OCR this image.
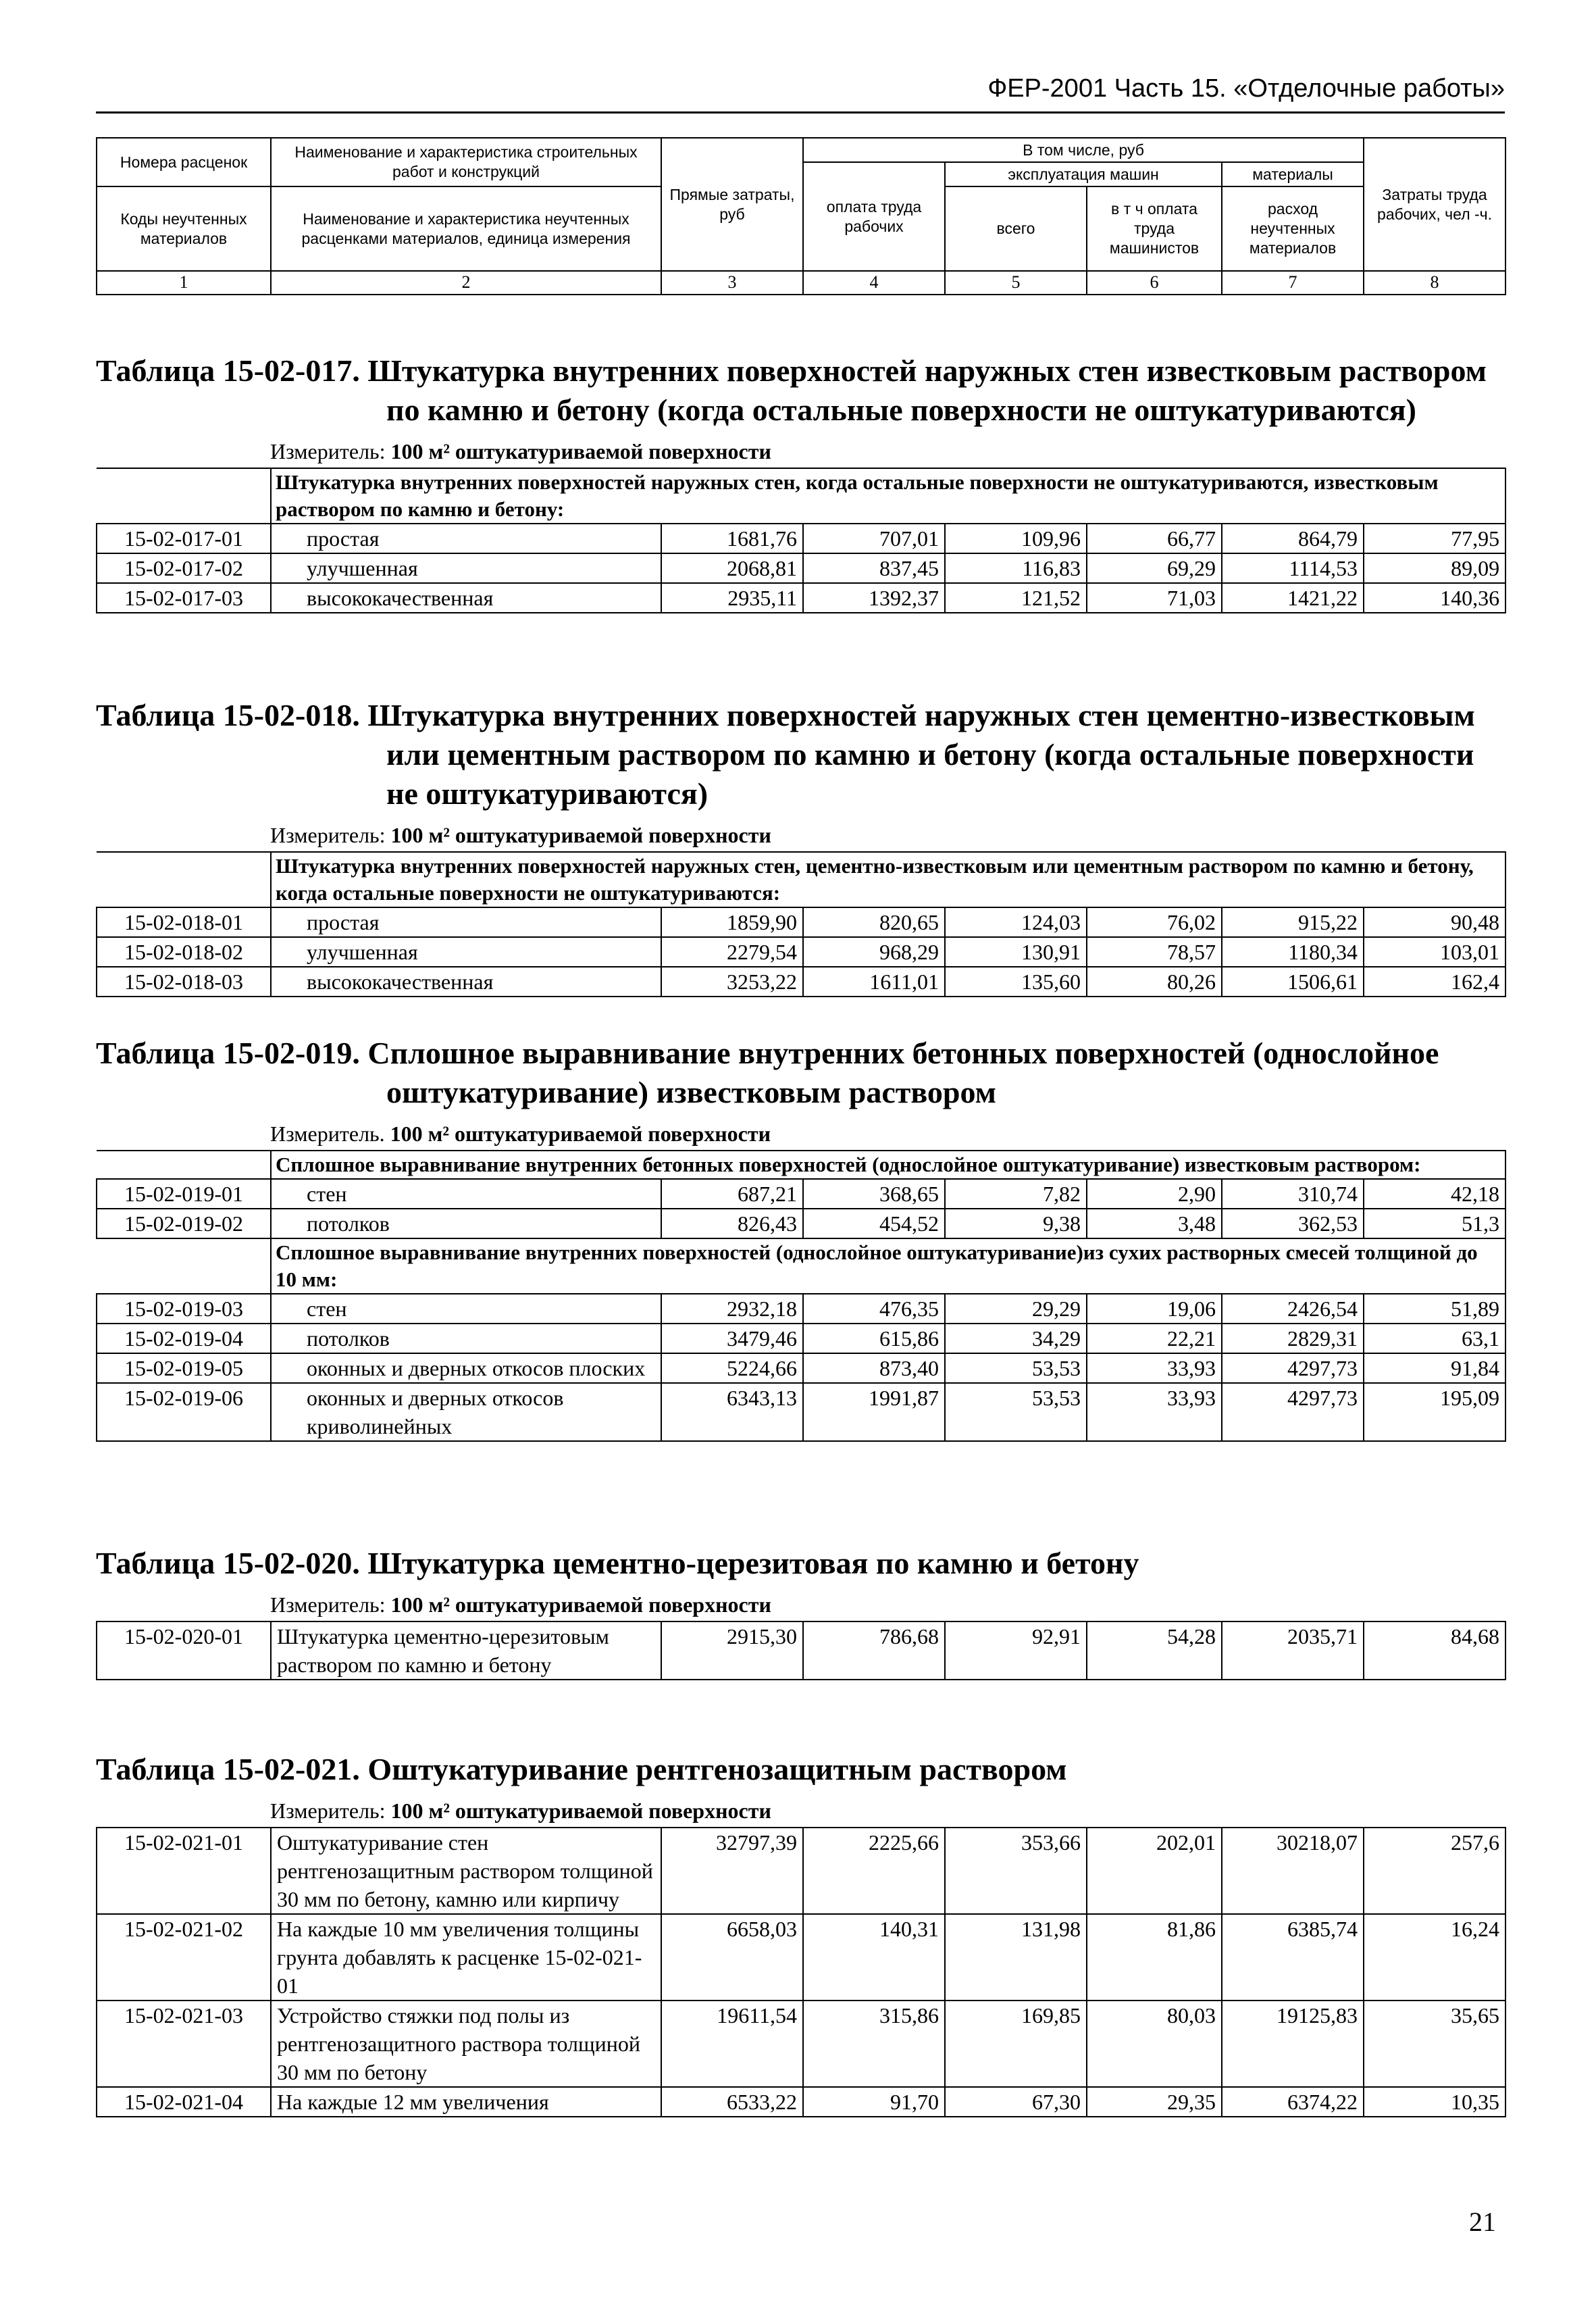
ФЕР-2001 Часть 15. «Отделочные работы»
Номера расценок	Наименование и характеристика строительных работ и конструкций	Прямые затраты, руб	В том числе, руб				Затраты труда рабочих, чел -ч.
			оплата труда рабочих	эксплуатация машин		материалы	
Коды неучтенных материалов	Наименование и характеристика неучтенных расценками материалов, единица измерения			всего	в т ч оплата труда машинистов	расход неучтенных материалов	

1	2	3	4	5	6	7	8
Таблица 15-02-017. Штукатурка внутренних поверхностей наружных стен известковым раствором по камню и бетону (когда остальные поверхности не оштукатуриваются)
Измеритель: 100 м² оштукатуриваемой поверхности
	Штукатурка внутренних поверхностей наружных стен, когда остальные поверхности не оштукатуриваются, известковым раствором по камню и бетону:						
15-02-017-01	простая	1681,76	707,01	109,96	66,77	864,79	77,95
15-02-017-02	улучшенная	2068,81	837,45	116,83	69,29	1114,53	89,09
15-02-017-03	высококачественная	2935,11	1392,37	121,52	71,03	1421,22	140,36
Таблица 15-02-018. Штукатурка внутренних поверхностей наружных стен цементно-известковым или цементным раствором по камню и бетону (когда остальные поверхности не оштукатуриваются)
Измеритель: 100 м² оштукатуриваемой поверхности
	Штукатурка внутренних поверхностей наружных стен, цементно-известковым или цементным раствором по камню и бетону, когда остальные поверхности не оштукатуриваются:						
15-02-018-01	простая	1859,90	820,65	124,03	76,02	915,22	90,48
15-02-018-02	улучшенная	2279,54	968,29	130,91	78,57	1180,34	103,01
15-02-018-03	высококачественная	3253,22	1611,01	135,60	80,26	1506,61	162,4
Таблица 15-02-019. Сплошное выравнивание внутренних бетонных поверхностей (однослойное оштукатуривание) известковым раствором
Измеритель. 100 м² оштукатуриваемой поверхности
	Сплошное выравнивание внутренних бетонных поверхностей (однослойное оштукатуривание) известковым раствором:						
15-02-019-01	стен	687,21	368,65	7,82	2,90	310,74	42,18
15-02-019-02	потолков	826,43	454,52	9,38	3,48	362,53	51,3
	Сплошное выравнивание внутренних поверхностей (однослойное оштукатуривание)из сухих растворных смесей толщиной до 10 мм:						
15-02-019-03	стен	2932,18	476,35	29,29	19,06	2426,54	51,89
15-02-019-04	потолков	3479,46	615,86	34,29	22,21	2829,31	63,1
15-02-019-05	оконных и дверных откосов плоских	5224,66	873,40	53,53	33,93	4297,73	91,84
15-02-019-06	оконных и дверных откосов криволинейных	6343,13	1991,87	53,53	33,93	4297,73	195,09
Таблица 15-02-020. Штукатурка цементно-церезитовая по камню и бетону
Измеритель: 100 м² оштукатуриваемой поверхности
15-02-020-01	Штукатурка цементно-церезитовым раствором по камню и бетону	2915,30	786,68	92,91	54,28	2035,71	84,68
Таблица 15-02-021. Оштукатуривание рентгенозащитным раствором
Измеритель: 100 м² оштукатуриваемой поверхности
15-02-021-01	Оштукатуривание стен рентгенозащитным раствором толщиной 30 мм по бетону, камню или кирпичу	32797,39	2225,66	353,66	202,01	30218,07	257,6
15-02-021-02	На каждые 10 мм увеличения толщины грунта добавлять к расценке 15-02-021-01	6658,03	140,31	131,98	81,86	6385,74	16,24
15-02-021-03	Устройство стяжки под полы из рентгенозащитного раствора толщиной 30 мм по бетону	19611,54	315,86	169,85	80,03	19125,83	35,65
15-02-021-04	На каждые 12 мм увеличения	6533,22	91,70	67,30	29,35	6374,22	10,35
21
